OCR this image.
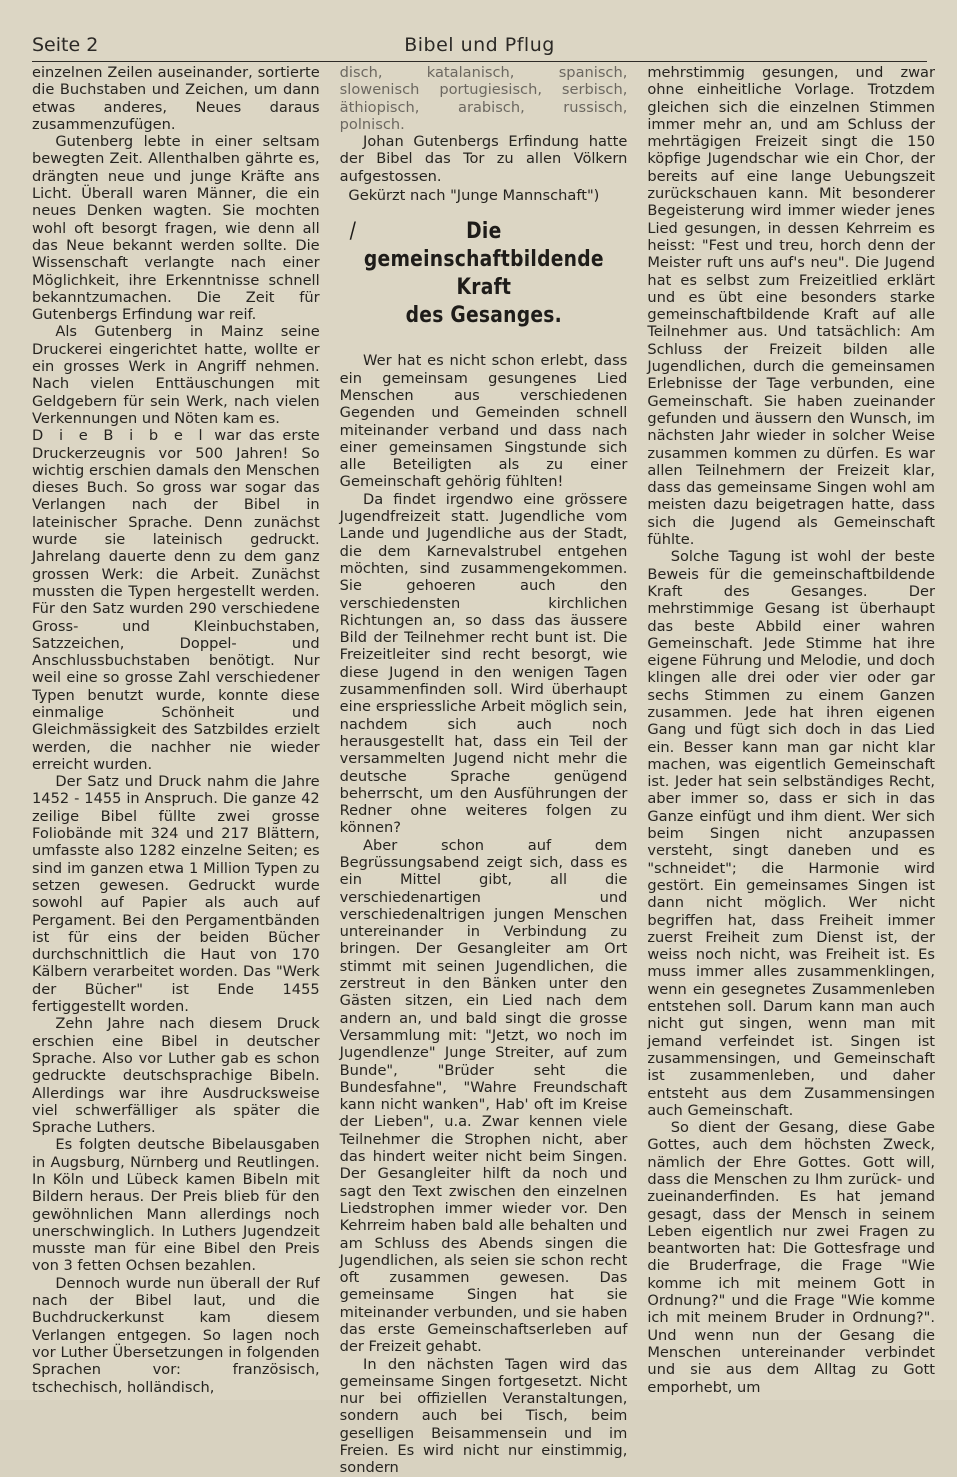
Seite 2	Bibel und Pflug

einzelnen Zeilen auseinander, sortierte die Buchstaben und Zeichen, um dann etwas anderes, Neues daraus zusammenzufügen.

Gutenberg lebte in einer seltsam bewegten Zeit. Allenthalben gährte es, drängten neue und junge Kräfte ans Licht. Überall waren Männer, die ein neues Denken wagten. Sie mochten wohl oft besorgt fragen, wie denn all das Neue bekannt werden sollte. Die Wissenschaft verlangte nach einer Möglichkeit, ihre Erkenntnisse schnell bekanntzumachen. Die Zeit für Gutenbergs Erfindung war reif.

Als Gutenberg in Mainz seine Druckerei eingerichtet hatte, wollte er ein grosses Werk in Angriff nehmen. Nach vielen Enttäuschungen mit Geldgebern für sein Werk, nach vielen Verkennungen und Nöten kam es.

D i e B i b e l war das erste Druckerzeugnis vor 500 Jahren! So wichtig erschien damals den Menschen dieses Buch. So gross war sogar das Verlangen nach der Bibel in lateinischer Sprache. Denn zunächst wurde sie lateinisch gedruckt. Jahrelang dauerte denn zu dem ganz grossen Werk: die Arbeit. Zunächst mussten die Typen hergestellt werden. Für den Satz wurden 290 verschiedene Gross- und Kleinbuchstaben, Satzzeichen, Doppel- und Anschlussbuchstaben benötigt. Nur weil eine so grosse Zahl verschiedener Typen benutzt wurde, konnte diese einmalige Schönheit und Gleichmässigkeit des Satzbildes erzielt werden, die nachher nie wieder erreicht wurden.

Der Satz und Druck nahm die Jahre 1452 - 1455 in Anspruch. Die ganze 42 zeilige Bibel füllte zwei grosse Foliobände mit 324 und 217 Blättern, umfasste also 1282 einzelne Seiten; es sind im ganzen etwa 1 Million Typen zu setzen gewesen. Gedruckt wurde sowohl auf Papier als auch auf Pergament. Bei den Pergamentbänden ist für eins der beiden Bücher durchschnittlich die Haut von 170 Kälbern verarbeitet worden. Das "Werk der Bücher" ist Ende 1455 fertiggestellt worden.

Zehn Jahre nach diesem Druck erschien eine Bibel in deutscher Sprache. Also vor Luther gab es schon gedruckte deutschsprachige Bibeln. Allerdings war ihre Ausdrucksweise viel schwerfälliger als später die Sprache Luthers.

Es folgten deutsche Bibelausgaben in Augsburg, Nürnberg und Reutlingen. In Köln und Lübeck kamen Bibeln mit Bildern heraus. Der Preis blieb für den gewöhnlichen Mann allerdings noch unerschwinglich. In Luthers Jugendzeit musste man für eine Bibel den Preis von 3 fetten Ochsen bezahlen.

Dennoch wurde nun überall der Ruf nach der Bibel laut, und die Buchdruckerkunst kam diesem Verlangen entgegen. So lagen noch vor Luther Übersetzungen in folgenden Sprachen vor: französisch, tschechisch, holländisch,

disch, katalanisch, spanisch, slowenisch portugiesisch, serbisch, äthiopisch, arabisch, russisch, polnisch.

Johan Gutenbergs Erfindung hatte der Bibel das Tor zu allen Völkern aufgestossen.

Gekürzt nach "Junge Mannschaft")

/	Die gemeinschaftbildende Kraft
des Gesanges.

Wer hat es nicht schon erlebt, dass ein gemeinsam gesungenes Lied Menschen aus verschiedenen Gegenden und Gemeinden schnell miteinander verband und dass nach einer gemeinsamen Singstunde sich alle Beteiligten als zu einer Gemeinschaft gehörig fühlten!

Da findet irgendwo eine grössere Jugendfreizeit statt. Jugendliche vom Lande und Jugendliche aus der Stadt, die dem Karnevalstrubel entgehen möchten, sind zusammengekommen. Sie gehoeren auch den verschiedensten kirchlichen Richtungen an, so dass das äussere Bild der Teilnehmer recht bunt ist. Die Freizeitleiter sind recht besorgt, wie diese Jugend in den wenigen Tagen zusammenfinden soll. Wird überhaupt eine erspriessliche Arbeit möglich sein, nachdem sich auch noch herausgestellt hat, dass ein Teil der versammelten Jugend nicht mehr die deutsche Sprache genügend beherrscht, um den Ausführungen der Redner ohne weiteres folgen zu können?

Aber schon auf dem Begrüssungsabend zeigt sich, dass es ein Mittel gibt, all die verschiedenartigen und verschiedenaltrigen jungen Menschen untereinander in Verbindung zu bringen. Der Gesangleiter am Ort stimmt mit seinen Jugendlichen, die zerstreut in den Bänken unter den Gästen sitzen, ein Lied nach dem andern an, und bald singt die grosse Versammlung mit: "Jetzt, wo noch im Jugendlenze" Junge Streiter, auf zum Bunde", "Brüder seht die Bundesfahne", "Wahre Freundschaft kann nicht wanken", Hab' oft im Kreise der Lieben", u.a. Zwar kennen viele Teilnehmer die Strophen nicht, aber das hindert weiter nicht beim Singen. Der Gesangleiter hilft da noch und sagt den Text zwischen den einzelnen Liedstrophen immer wieder vor. Den Kehrreim haben bald alle behalten und am Schluss des Abends singen die Jugendlichen, als seien sie schon recht oft zusammen gewesen. Das gemeinsame Singen hat sie miteinander verbunden, und sie haben das erste Gemeinschaftserleben auf der Freizeit gehabt.

In den nächsten Tagen wird das gemeinsame Singen fortgesetzt. Nicht nur bei offiziellen Veranstaltungen, sondern auch bei Tisch, beim geselligen Beisammensein und im Freien. Es wird nicht nur einstimmig, sondern

mehrstimmig gesungen, und zwar ohne einheitliche Vorlage. Trotzdem gleichen sich die einzelnen Stimmen immer mehr an, und am Schluss der mehrtägigen Freizeit singt die 150 köpfige Jugendschar wie ein Chor, der bereits auf eine lange Uebungszeit zurückschauen kann. Mit besonderer Begeisterung wird immer wieder jenes Lied gesungen, in dessen Kehrreim es heisst: "Fest und treu, horch denn der Meister ruft uns auf's neu". Die Jugend hat es selbst zum Freizeitlied erklärt und es übt eine besonders starke gemeinschaftbildende Kraft auf alle Teilnehmer aus. Und tatsächlich: Am Schluss der Freizeit bilden alle Jugendlichen, durch die gemeinsamen Erlebnisse der Tage verbunden, eine Gemeinschaft. Sie haben zueinander gefunden und äussern den Wunsch, im nächsten Jahr wieder in solcher Weise zusammen kommen zu dürfen. Es war allen Teilnehmern der Freizeit klar, dass das gemeinsame Singen wohl am meisten dazu beigetragen hatte, dass sich die Jugend als Gemeinschaft fühlte.

Solche Tagung ist wohl der beste Beweis für die gemeinschaftbildende Kraft des Gesanges. Der mehrstimmige Gesang ist überhaupt das beste Abbild einer wahren Gemeinschaft. Jede Stimme hat ihre eigene Führung und Melodie, und doch klingen alle drei oder vier oder gar sechs Stimmen zu einem Ganzen zusammen. Jede hat ihren eigenen Gang und fügt sich doch in das Lied ein. Besser kann man gar nicht klar machen, was eigentlich Gemeinschaft ist. Jeder hat sein selbständiges Recht, aber immer so, dass er sich in das Ganze einfügt und ihm dient. Wer sich beim Singen nicht anzupassen versteht, singt daneben und es "schneidet"; die Harmonie wird gestört. Ein gemeinsames Singen ist dann nicht möglich. Wer nicht begriffen hat, dass Freiheit immer zuerst Freiheit zum Dienst ist, der weiss noch nicht, was Freiheit ist. Es muss immer alles zusammenklingen, wenn ein gesegnetes Zusammenleben entstehen soll. Darum kann man auch nicht gut singen, wenn man mit jemand verfeindet ist. Singen ist zusammensingen, und Gemeinschaft ist zusammenleben, und daher entsteht aus dem Zusammensingen auch Gemeinschaft.

So dient der Gesang, diese Gabe Gottes, auch dem höchsten Zweck, nämlich der Ehre Gottes. Gott will, dass die Menschen zu Ihm zurück- und zueinanderfinden. Es hat jemand gesagt, dass der Mensch in seinem Leben eigentlich nur zwei Fragen zu beantworten hat: Die Gottesfrage und die Bruderfrage, die Frage "Wie komme ich mit meinem Gott in Ordnung?" und die Frage "Wie komme ich mit meinem Bruder in Ordnung?". Und wenn nun der Gesang die Menschen untereinander verbindet und sie aus dem Alltag zu Gott emporhebt, um
